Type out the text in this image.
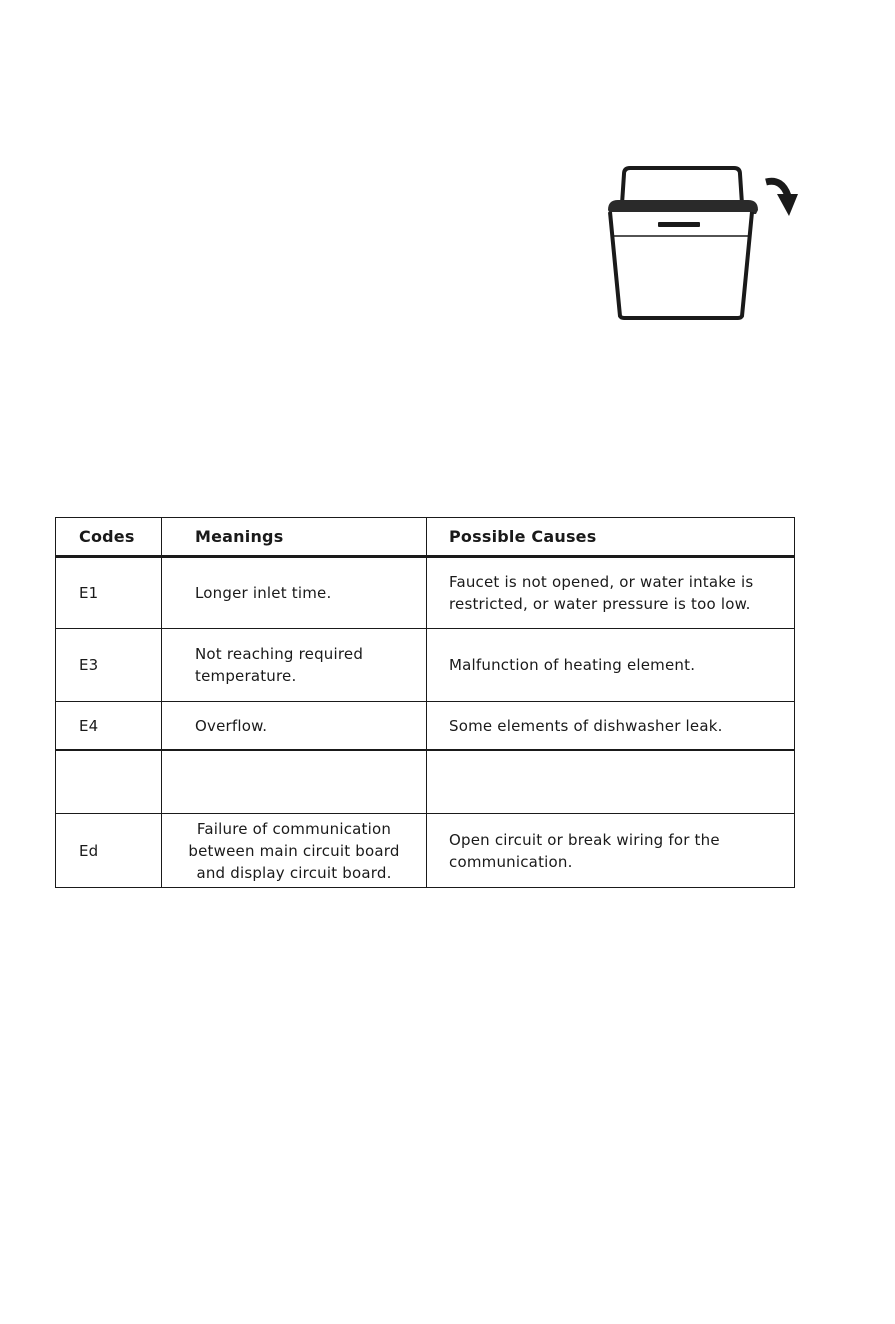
Codes	Meanings	Possible Causes
E1	Longer inlet time.	Faucet is not opened, or water intake is
restricted, or water pressure is too low.

E3	Not reaching required
temperature.	Malfunction of heating element.

E4	Overflow.	Some elements of dishwasher leak.

Ed	Failure of communication
between main circuit board
and display circuit board.	Open circuit or break wiring for the
communication.
